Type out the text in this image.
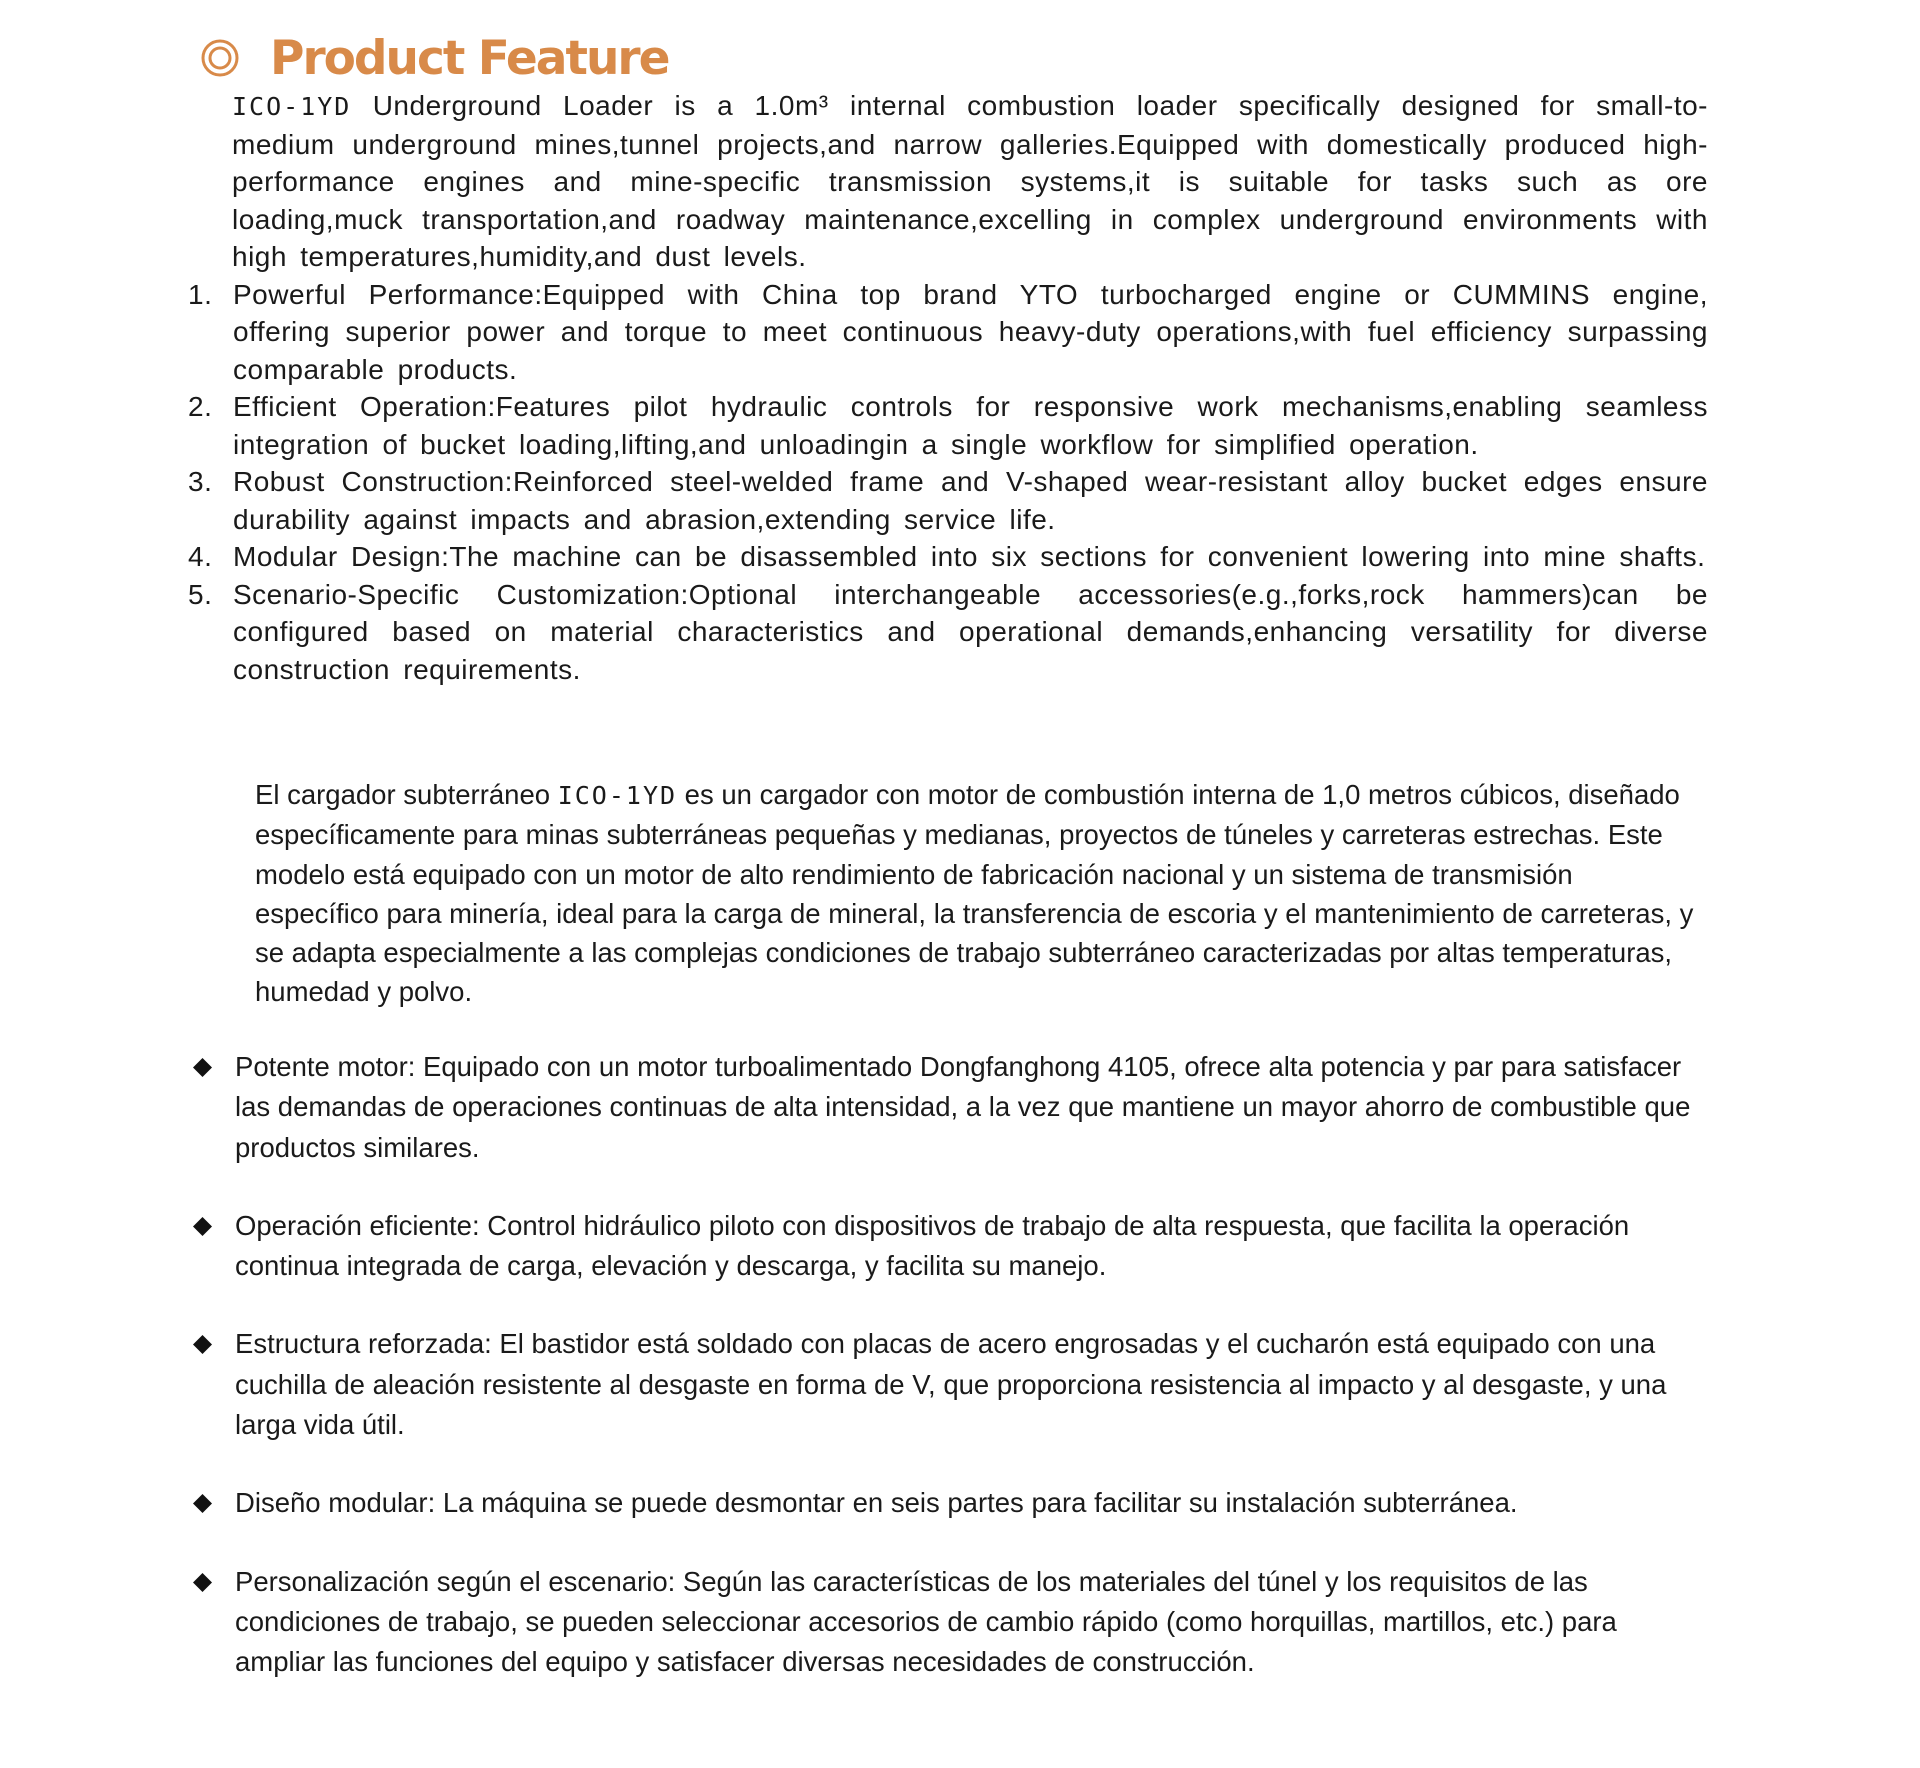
Product Feature

ICO-1YD Underground Loader is a 1.0m³ internal combustion loader specifically designed for small-to-medium underground mines,tunnel projects,and narrow galleries.Equipped with domestically produced high-performance engines and mine-specific transmission systems,it is suitable for tasks such as ore loading,muck transportation,and roadway maintenance,excelling in complex underground environments with high temperatures,humidity,and dust levels.

1. Powerful Performance:Equipped with China top brand YTO turbocharged engine or CUMMINS engine, offering superior power and torque to meet continuous heavy-duty operations,with fuel efficiency surpassing comparable products.
2. Efficient Operation:Features pilot hydraulic controls for responsive work mechanisms,enabling seamless integration of bucket loading,lifting,and unloadingin a single workflow for simplified operation.
3. Robust Construction:Reinforced steel-welded frame and V-shaped wear-resistant alloy bucket edges ensure durability against impacts and abrasion,extending service life.
4. Modular Design:The machine can be disassembled into six sections for convenient lowering into mine shafts.
5. Scenario-Specific Customization:Optional interchangeable accessories(e.g.,forks,rock hammers)can be configured based on material characteristics and operational demands,enhancing versatility for diverse construction requirements.

El cargador subterráneo ICO-1YD es un cargador con motor de combustión interna de 1,0 metros cúbicos, diseñado específicamente para minas subterráneas pequeñas y medianas, proyectos de túneles y carreteras estrechas. Este modelo está equipado con un motor de alto rendimiento de fabricación nacional y un sistema de transmisión específico para minería, ideal para la carga de mineral, la transferencia de escoria y el mantenimiento de carreteras, y se adapta especialmente a las complejas condiciones de trabajo subterráneo caracterizadas por altas temperaturas, humedad y polvo.

Potente motor: Equipado con un motor turboalimentado Dongfanghong 4105, ofrece alta potencia y par para satisfacer las demandas de operaciones continuas de alta intensidad, a la vez que mantiene un mayor ahorro de combustible que productos similares.
Operación eficiente: Control hidráulico piloto con dispositivos de trabajo de alta respuesta, que facilita la operación continua integrada de carga, elevación y descarga, y facilita su manejo.
Estructura reforzada: El bastidor está soldado con placas de acero engrosadas y el cucharón está equipado con una cuchilla de aleación resistente al desgaste en forma de V, que proporciona resistencia al impacto y al desgaste, y una larga vida útil.
Diseño modular: La máquina se puede desmontar en seis partes para facilitar su instalación subterránea.
Personalización según el escenario: Según las características de los materiales del túnel y los requisitos de las condiciones de trabajo, se pueden seleccionar accesorios de cambio rápido (como horquillas, martillos, etc.) para ampliar las funciones del equipo y satisfacer diversas necesidades de construcción.
